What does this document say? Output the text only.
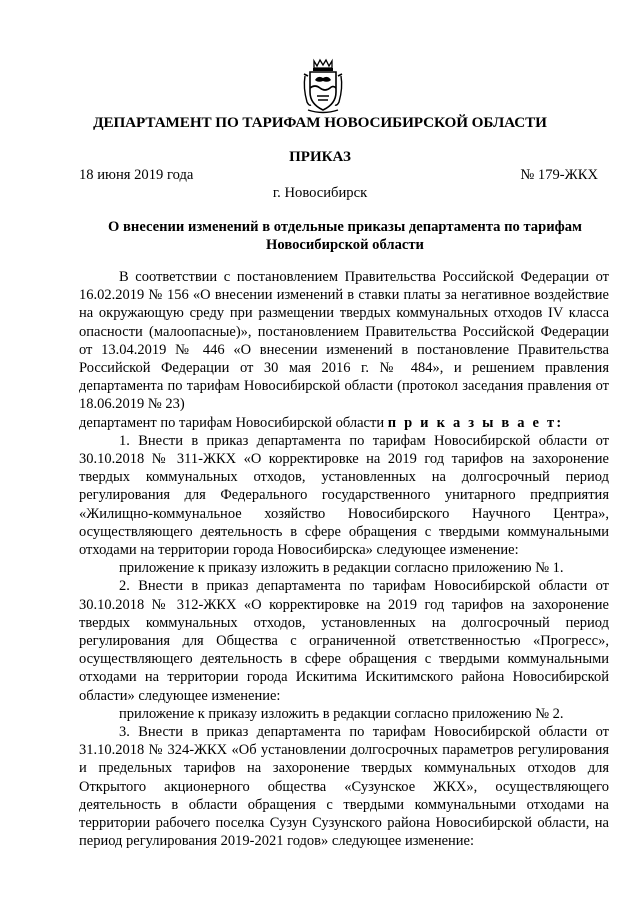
ДЕПАРТАМЕНТ ПО ТАРИФАМ НОВОСИБИРСКОЙ ОБЛАСТИ
ПРИКАЗ
18 июня 2019 года	№ 179-ЖКХ
г. Новосибирск
О внесении изменений в отдельные приказы департамента по тарифам Новосибирской области

В соответствии с постановлением Правительства Российской Федерации от 16.02.2019 № 156 «О внесении изменений в ставки платы за негативное воздействие на окружающую среду при размещении твердых коммунальных отходов IV класса опасности (малоопасные)», постановлением Правительства Российской Федерации от 13.04.2019 № 446 «О внесении изменений в постановление Правительства Российской Федерации от 30 мая 2016 г. № 484», и решением правления департамента по тарифам Новосибирской области (протокол заседания правления от 18.06.2019 № 23)

департамент по тарифам Новосибирской области п р и к а з ы в а е т:

1. Внести в приказ департамента по тарифам Новосибирской области от 30.10.2018 № 311-ЖКХ «О корректировке на 2019 год тарифов на захоронение твердых коммунальных отходов, установленных на долгосрочный период регулирования для Федерального государственного унитарного предприятия «Жилищно-коммунальное хозяйство Новосибирского Научного Центра», осуществляющего деятельность в сфере обращения с твердыми коммунальными отходами на территории города Новосибирска» следующее изменение:

приложение к приказу изложить в редакции согласно приложению № 1.

2. Внести в приказ департамента по тарифам Новосибирской области от 30.10.2018 № 312-ЖКХ «О корректировке на 2019 год тарифов на захоронение твердых коммунальных отходов, установленных на долгосрочный период регулирования для Общества с ограниченной ответственностью «Прогресс», осуществляющего деятельность в сфере обращения с твердыми коммунальными отходами на территории города Искитима Искитимского района Новосибирской области» следующее изменение:

приложение к приказу изложить в редакции согласно приложению № 2.

3. Внести в приказ департамента по тарифам Новосибирской области от 31.10.2018 № 324-ЖКХ «Об установлении долгосрочных параметров регулирования и предельных тарифов на захоронение твердых коммунальных отходов для Открытого акционерного общества «Сузунское ЖКХ», осуществляющего деятельность в области обращения с твердыми коммунальными отходами на территории рабочего поселка Сузун Сузунского района Новосибирской области, на период регулирования 2019-2021 годов» следующее изменение:
